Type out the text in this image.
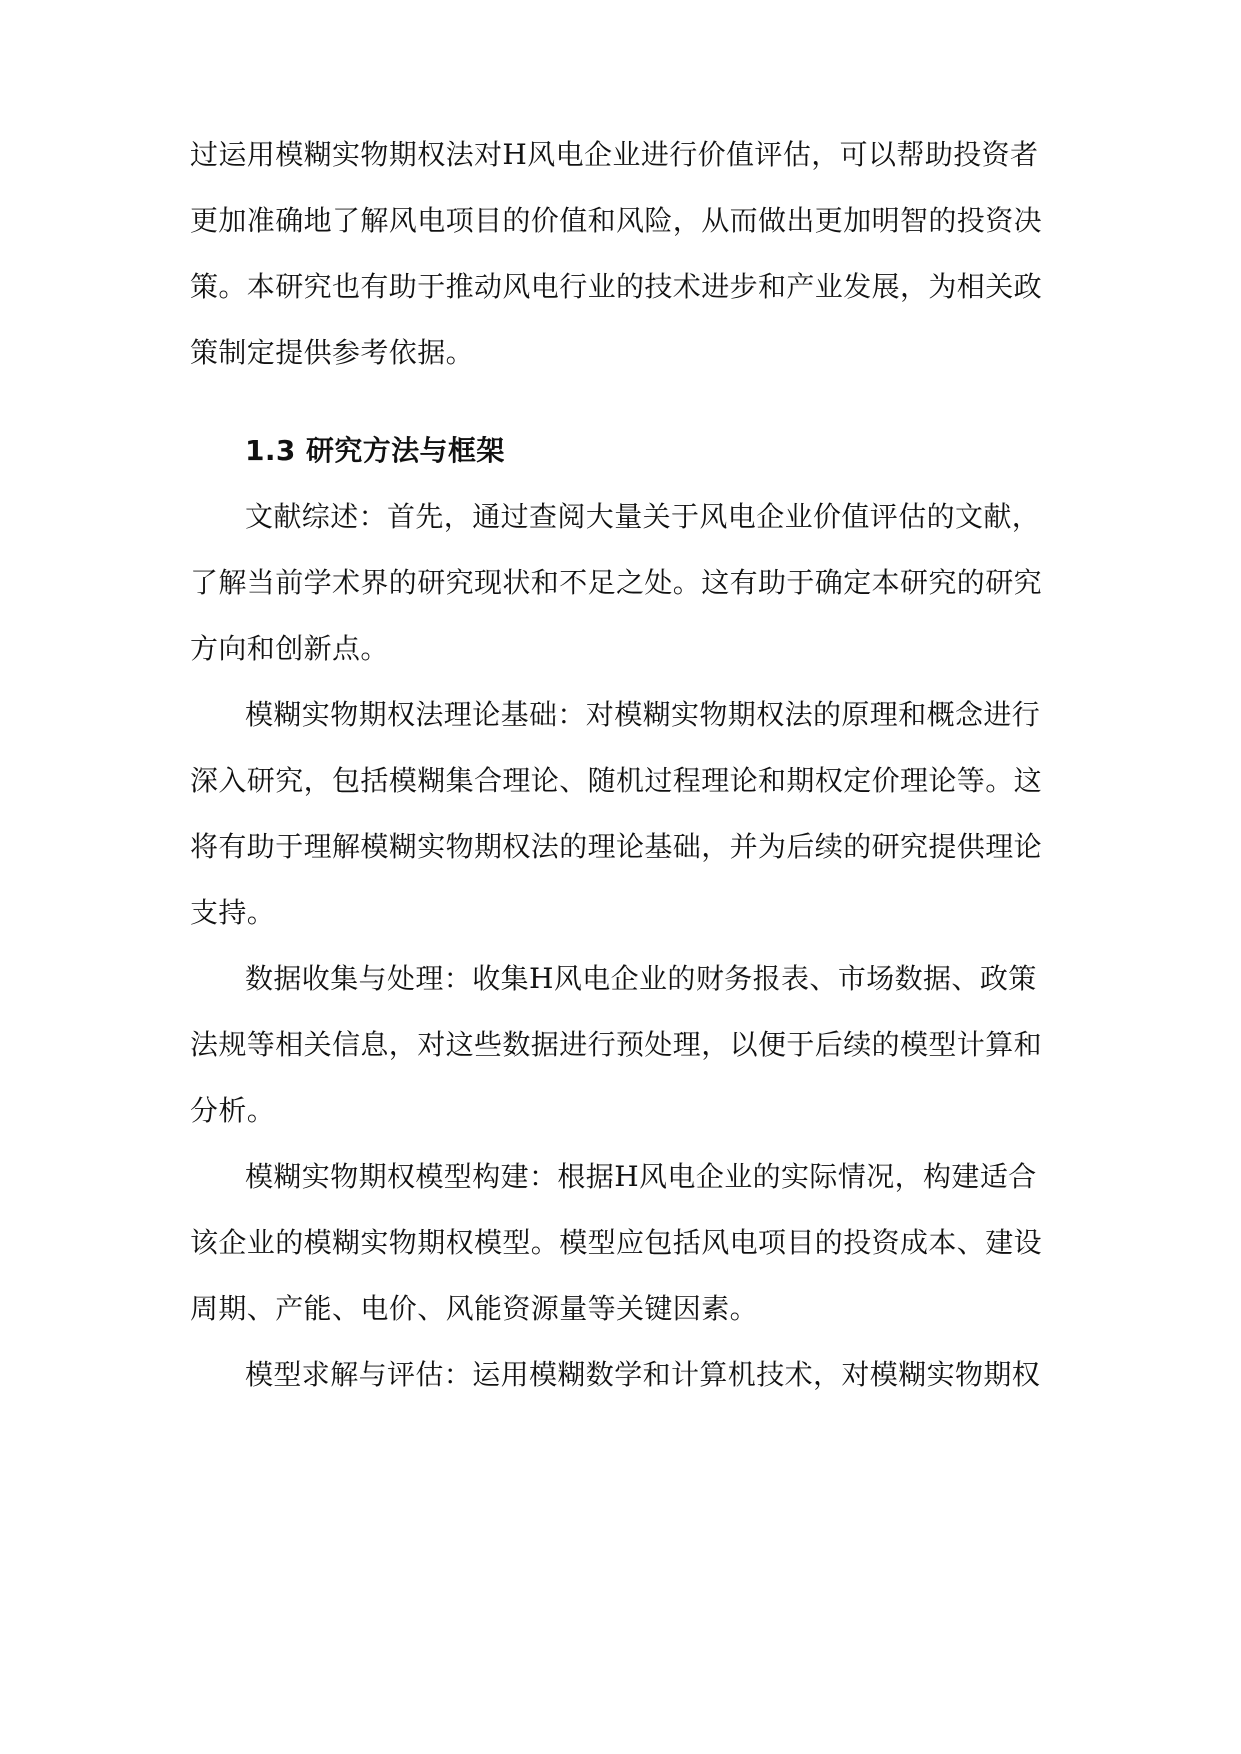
过运用模糊实物期权法对H风电企业进行价值评估，可以帮助投资者
更加准确地了解风电项目的价值和风险，从而做出更加明智的投资决
策。本研究也有助于推动风电行业的技术进步和产业发展，为相关政
策制定提供参考依据。
1.3 研究方法与框架
文献综述：首先，通过查阅大量关于风电企业价值评估的文献，
了解当前学术界的研究现状和不足之处。这有助于确定本研究的研究
方向和创新点。
模糊实物期权法理论基础：对模糊实物期权法的原理和概念进行
深入研究，包括模糊集合理论、随机过程理论和期权定价理论等。这
将有助于理解模糊实物期权法的理论基础，并为后续的研究提供理论
支持。
数据收集与处理：收集H风电企业的财务报表、市场数据、政策
法规等相关信息，对这些数据进行预处理，以便于后续的模型计算和
分析。
模糊实物期权模型构建：根据H风电企业的实际情况，构建适合
该企业的模糊实物期权模型。模型应包括风电项目的投资成本、建设
周期、产能、电价、风能资源量等关键因素。
模型求解与评估：运用模糊数学和计算机技术，对模糊实物期权
